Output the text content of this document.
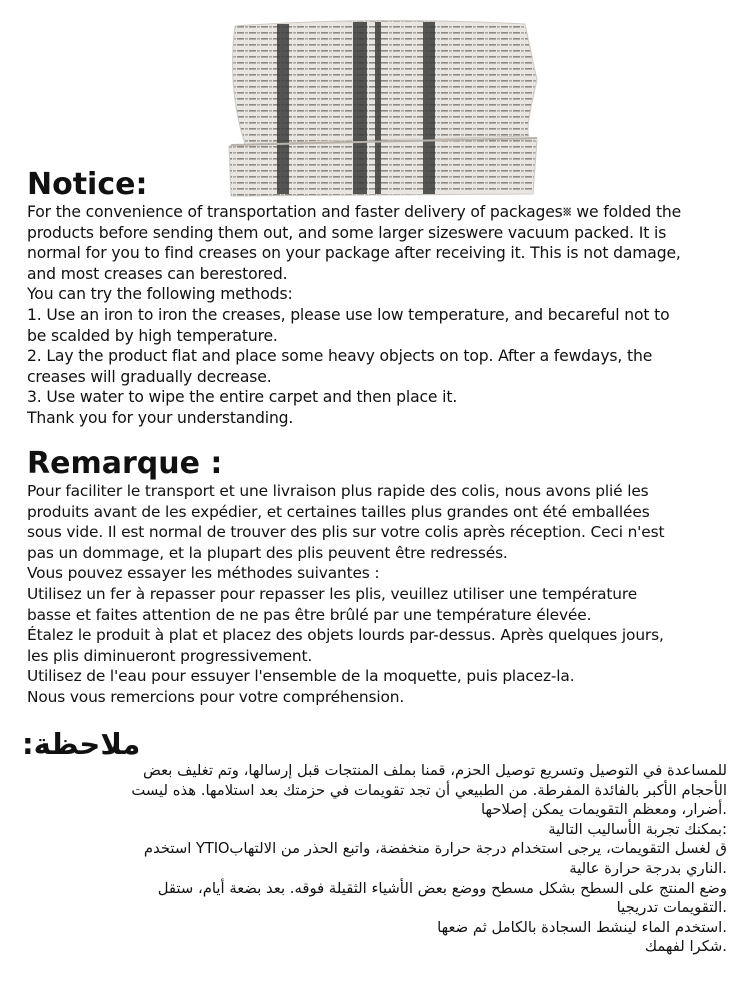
Notice:

For the convenience of transportation and faster delivery of packages␧ we folded the
products before sending them out, and some larger sizeswere vacuum packed. It is
normal for you to find creases on your package after receiving it. This is not damage,
and most creases can berestored.
You can try the following methods:
1. Use an iron to iron the creases, please use low temperature, and becareful not to
be scalded by high temperature.
2. Lay the product flat and place some heavy objects on top. After a fewdays, the
creases will gradually decrease.
3. Use water to wipe the entire carpet and then place it.
Thank you for your understanding.

Remarque :

Pour faciliter le transport et une livraison plus rapide des colis, nous avons plié les
produits avant de les expédier, et certaines tailles plus grandes ont été emballées
sous vide. Il est normal de trouver des plis sur votre colis après réception. Ceci n'est
pas un dommage, et la plupart des plis peuvent être redressés.
Vous pouvez essayer les méthodes suivantes :
Utilisez un fer à repasser pour repasser les plis, veuillez utiliser une température
basse et faites attention de ne pas être brûlé par une température élevée.
Étalez le produit à plat et placez des objets lourds par-dessus. Après quelques jours,
les plis diminueront progressivement.
Utilisez de l'eau pour essuyer l'ensemble de la moquette, puis placez-la.
Nous vous remercions pour votre compréhension.

ملاحظة:

للمساعدة في التوصيل وتسريع توصيل الحزم، قمنا بملف المنتجات قبل إرسالها، وتم تغليف بعض
الأحجام الأكبر بالفائدة المفرطة. من الطبيعي أن تجد تقويمات في حزمتك بعد استلامها. هذه ليست
.أضرار، ومعظم التقويمات يمكن إصلاحها
:بمكنك تجربة الأساليب التالية
ق لغسل التقويمات، يرجى استخدام درجة حرارة منخفضة، واتبع الحذر من الالتهابYTIO استخدم
.الناري بدرجة حرارة عالية
وضع المنتج على السطح بشكل مسطح ووضع بعض الأشياء الثقيلة فوقه. بعد بضعة أيام، ستقل
.التقويمات تدريجيا
.استخدم الماء لينشط السجادة بالكامل ثم ضعها
.شكرا لفهمك
